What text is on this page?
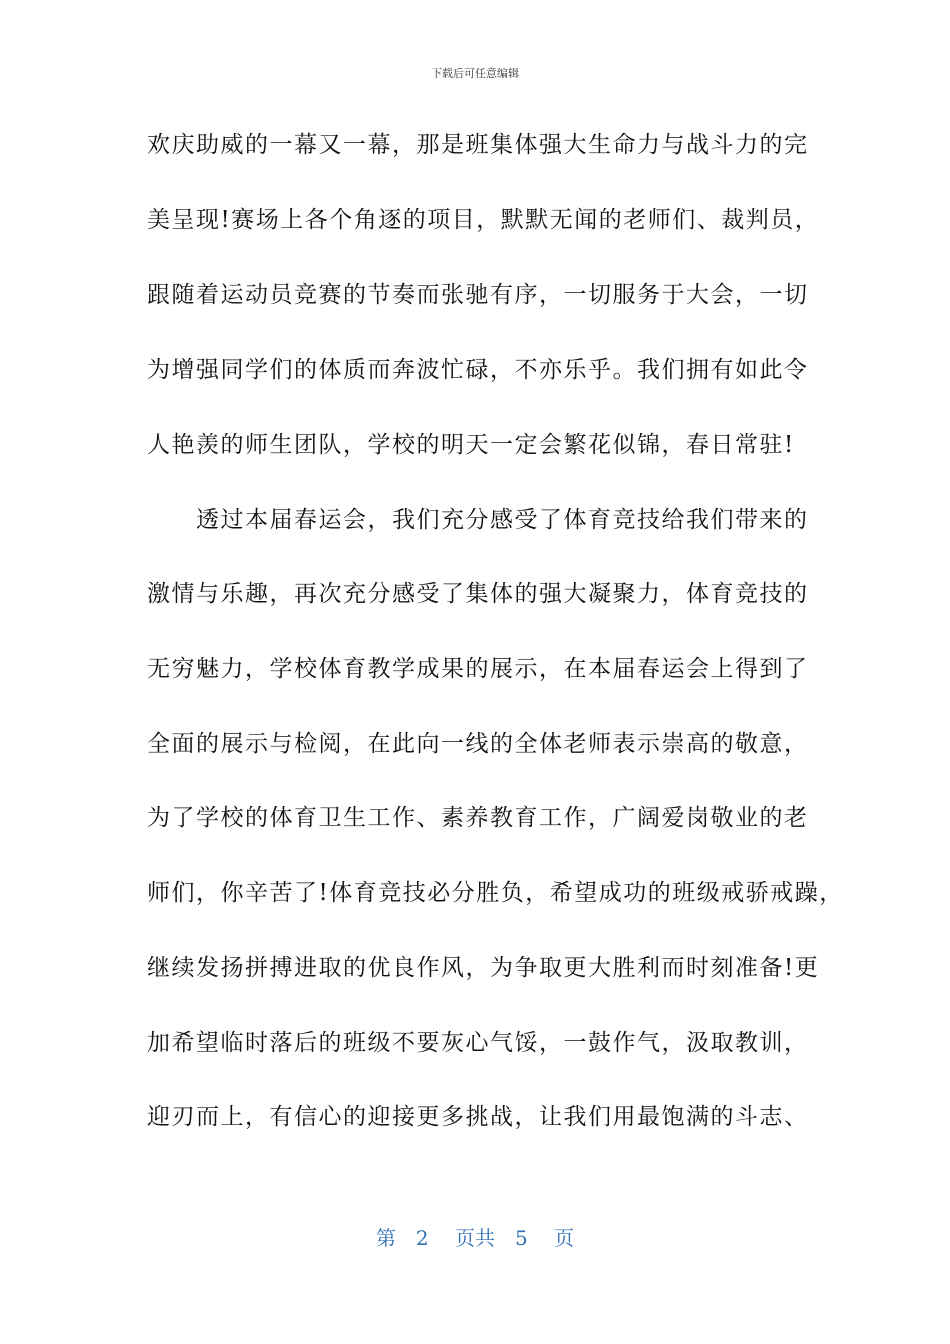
下载后可任意编辑
欢庆助威的一幕又一幕，那是班集体强大生命力与战斗力的完
美呈现!赛场上各个角逐的项目，默默无闻的老师们、裁判员，
跟随着运动员竞赛的节奏而张驰有序，一切服务于大会，一切
为增强同学们的体质而奔波忙碌，不亦乐乎。我们拥有如此令
人艳羡的师生团队，学校的明天一定会繁花似锦，春日常驻!
　　透过本届春运会，我们充分感受了体育竞技给我们带来的
激情与乐趣，再次充分感受了集体的强大凝聚力，体育竞技的
无穷魅力，学校体育教学成果的展示，在本届春运会上得到了
全面的展示与检阅，在此向一线的全体老师表示崇高的敬意，
为了学校的体育卫生工作、素养教育工作，广阔爱岗敬业的老
师们，你辛苦了!体育竞技必分胜负，希望成功的班级戒骄戒躁，
继续发扬拼搏进取的优良作风，为争取更大胜利而时刻准备!更
加希望临时落后的班级不要灰心气馁，一鼓作气，汲取教训，
迎刃而上，有信心的迎接更多挑战，让我们用最饱满的斗志、
第　2　 页共　5　 页
